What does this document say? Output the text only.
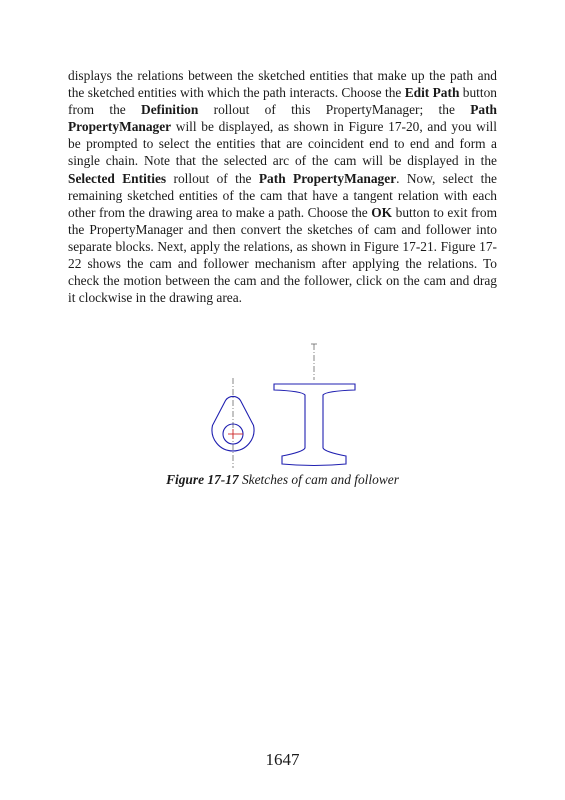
displays the relations between the sketched entities that make up the path and the sketched entities with which the path interacts. Choose the Edit Path button from the Definition rollout of this PropertyManager; the Path PropertyManager will be displayed, as shown in Figure 17-20, and you will be prompted to select the entities that are coincident end to end and form a single chain. Note that the selected arc of the cam will be displayed in the Selected Entities rollout of the Path PropertyManager. Now, select the remaining sketched entities of the cam that have a tangent relation with each other from the drawing area to make a path. Choose the OK button to exit from the PropertyManager and then convert the sketches of cam and follower into separate blocks. Next, apply the relations, as shown in Figure 17-21. Figure 17-22 shows the cam and follower mechanism after applying the relations. To check the motion between the cam and the follower, click on the cam and drag it clockwise in the drawing area.

Figure 17-17 Sketches of cam and follower
1647
